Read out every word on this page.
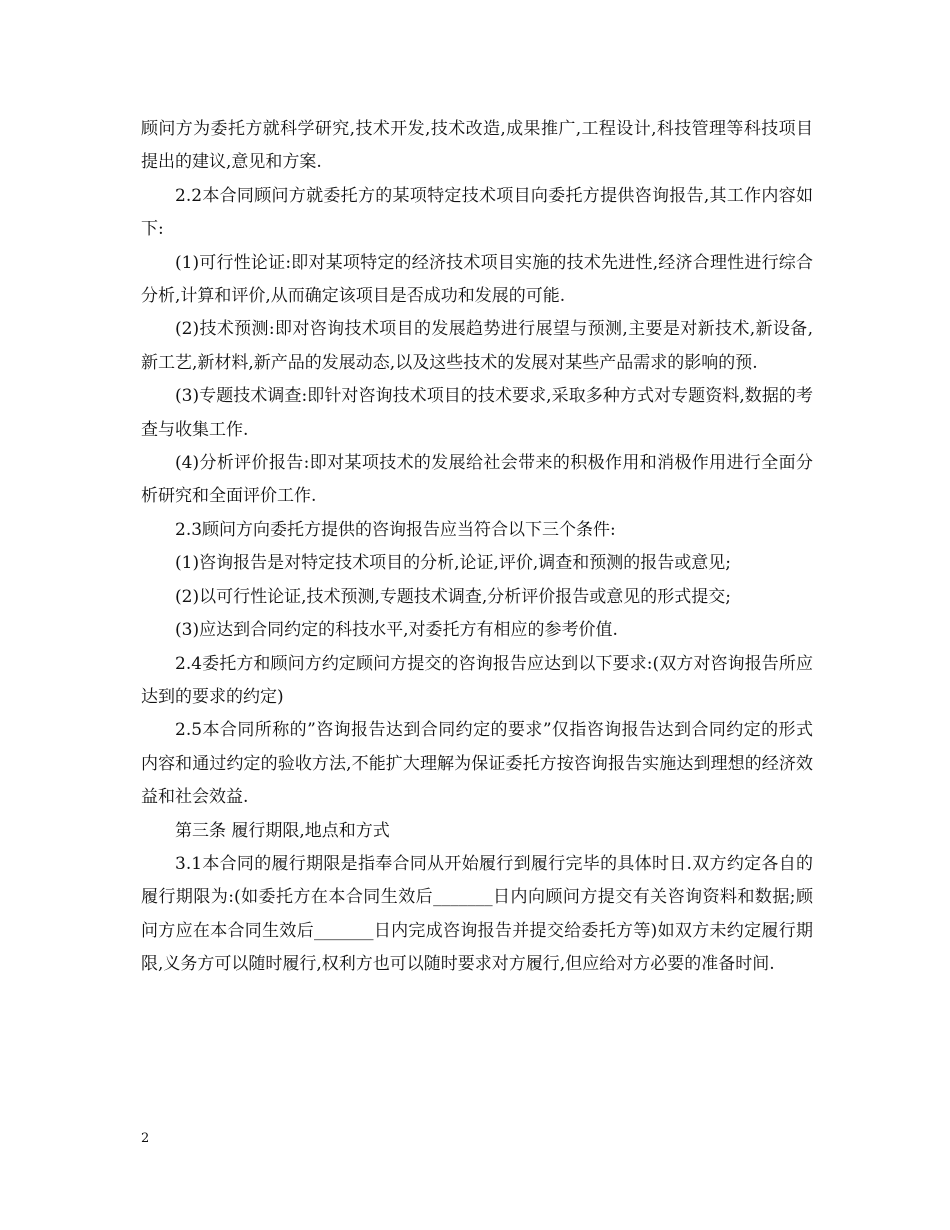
顾问方为委托方就科学研究,技术开发,技术改造,成果推广,工程设计,科技管理等科技项目提出的建议,意见和方案.

2.2本合同顾问方就委托方的某项特定技术项目向委托方提供咨询报告,其工作内容如下:

(1)可行性论证:即对某项特定的经济技术项目实施的技术先进性,经济合理性进行综合分析,计算和评价,从而确定该项目是否成功和发展的可能.

(2)技术预测:即对咨询技术项目的发展趋势进行展望与预测,主要是对新技术,新设备,新工艺,新材料,新产品的发展动态,以及这些技术的发展对某些产品需求的影响的预.

(3)专题技术调查:即针对咨询技术项目的技术要求,采取多种方式对专题资料,数据的考查与收集工作.

(4)分析评价报告:即对某项技术的发展给社会带来的积极作用和消极作用进行全面分析研究和全面评价工作.

2.3顾问方向委托方提供的咨询报告应当符合以下三个条件:

(1)咨询报告是对特定技术项目的分析,论证,评价,调查和预测的报告或意见;

(2)以可行性论证,技术预测,专题技术调查,分析评价报告或意见的形式提交;

(3)应达到合同约定的科技水平,对委托方有相应的参考价值.

2.4委托方和顾问方约定顾问方提交的咨询报告应达到以下要求:(双方对咨询报告所应达到的要求的约定)

2.5本合同所称的”咨询报告达到合同约定的要求”仅指咨询报告达到合同约定的形式内容和通过约定的验收方法,不能扩大理解为保证委托方按咨询报告实施达到理想的经济效益和社会效益.

第三条 履行期限,地点和方式

3.1本合同的履行期限是指奉合同从开始履行到履行完毕的具体时日.双方约定各自的履行期限为:(如委托方在本合同生效后_______日内向顾问方提交有关咨询资料和数据;顾问方应在本合同生效后_______日内完成咨询报告并提交给委托方等)如双方未约定履行期限,义务方可以随时履行,权利方也可以随时要求对方履行,但应给对方必要的准备时间.

2
